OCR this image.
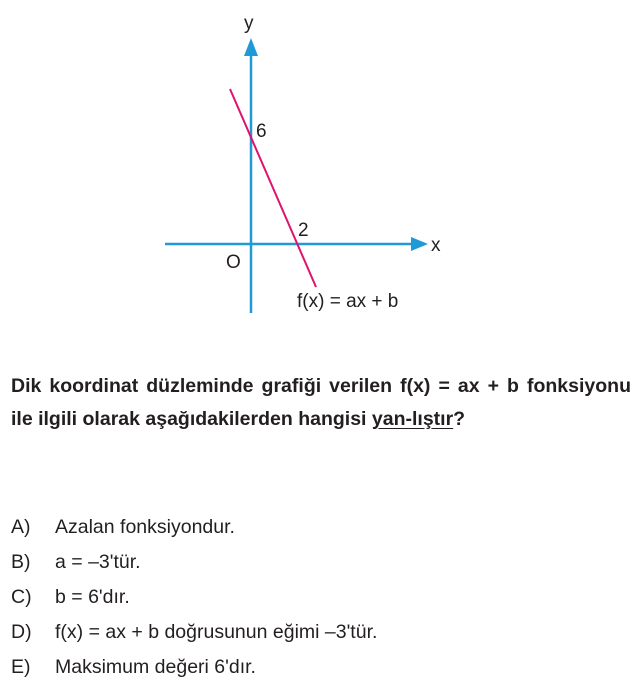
y
x
O
6
2
f(x) = ax + b
Dik koordinat düzleminde grafiği verilen f(x) = ax + b fonksiyonu ile ilgili olarak aşağıdakilerden hangisi yan-lıştır?
A) Azalan fonksiyondur.
B) a = –3'tür.
C) b = 6'dır.
D) f(x) = ax + b doğrusunun eğimi –3'tür.
E) Maksimum değeri 6'dır.
